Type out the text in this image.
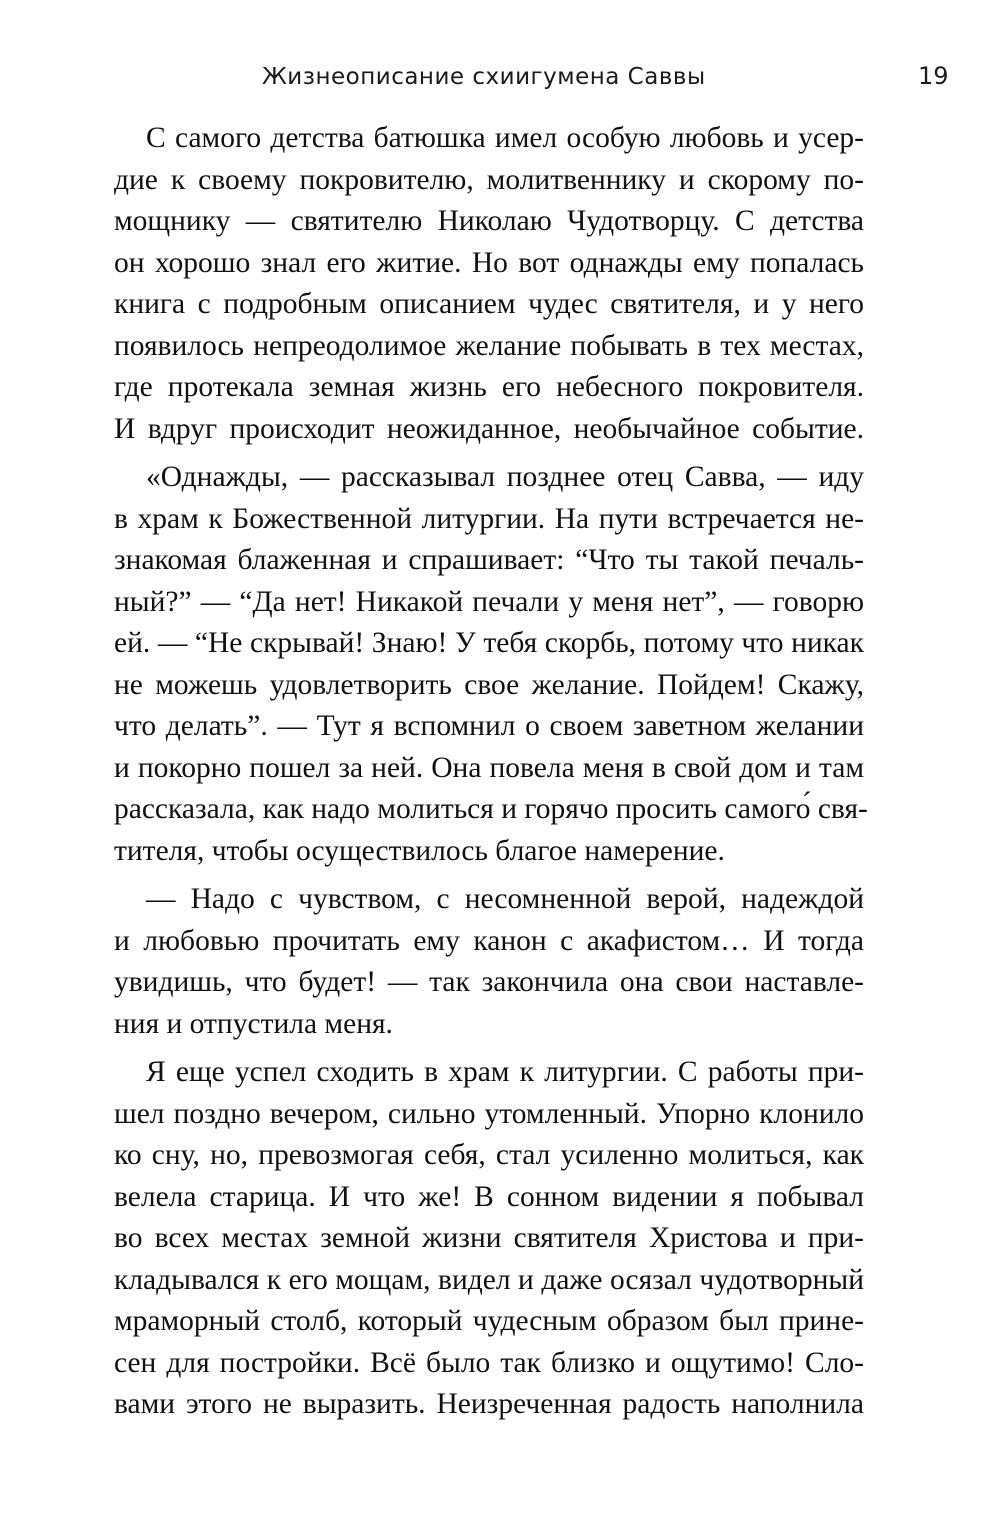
Жизнеописание схиигумена Саввы	19
С самого детства батюшка имел особую любовь и усер-
дие к своему покровителю, молитвеннику и скорому по-
мощнику — святителю Николаю Чудотворцу. С детства
он хорошо знал его житие. Но вот однажды ему попалась
книга с подробным описанием чудес святителя, и у него
появилось непреодолимое желание побывать в тех местах,
где протекала земная жизнь его небесного покровителя.
И вдруг происходит неожиданное, необычайное событие.
«Однажды, — рассказывал позднее отец Савва, — иду
в храм к Божественной литургии. На пути встречается не-
знакомая блаженная и спрашивает: “Что ты такой печаль-
ный?” — “Да нет! Никакой печали у меня нет”, — говорю
ей. — “Не скрывай! Знаю! У тебя скорбь, потому что никак
не можешь удовлетворить свое желание. Пойдем! Скажу,
что делать”. — Тут я вспомнил о своем заветном желании
и покорно пошел за ней. Она повела меня в свой дом и там
рассказала, как надо молиться и горячо просить самого́ свя-
тителя, чтобы осуществилось благое намерение.
— Надо с чувством, с несомненной верой, надеждой
и любовью прочитать ему канон с акафистом… И тогда
увидишь, что будет! — так закончила она свои наставле-
ния и отпустила меня.
Я еще успел сходить в храм к литургии. С работы при-
шел поздно вечером, сильно утомленный. Упорно клонило
ко сну, но, превозмогая себя, стал усиленно молиться, как
велела старица. И что же! В сонном видении я побывал
во всех местах земной жизни святителя Христова и при-
кладывался к его мощам, видел и даже осязал чудотворный
мраморный столб, который чудесным образом был принe-
сен для постройки. Всё было так близко и ощутимо! Сло-
вами этого не выразить. Неизреченная радость наполнила
